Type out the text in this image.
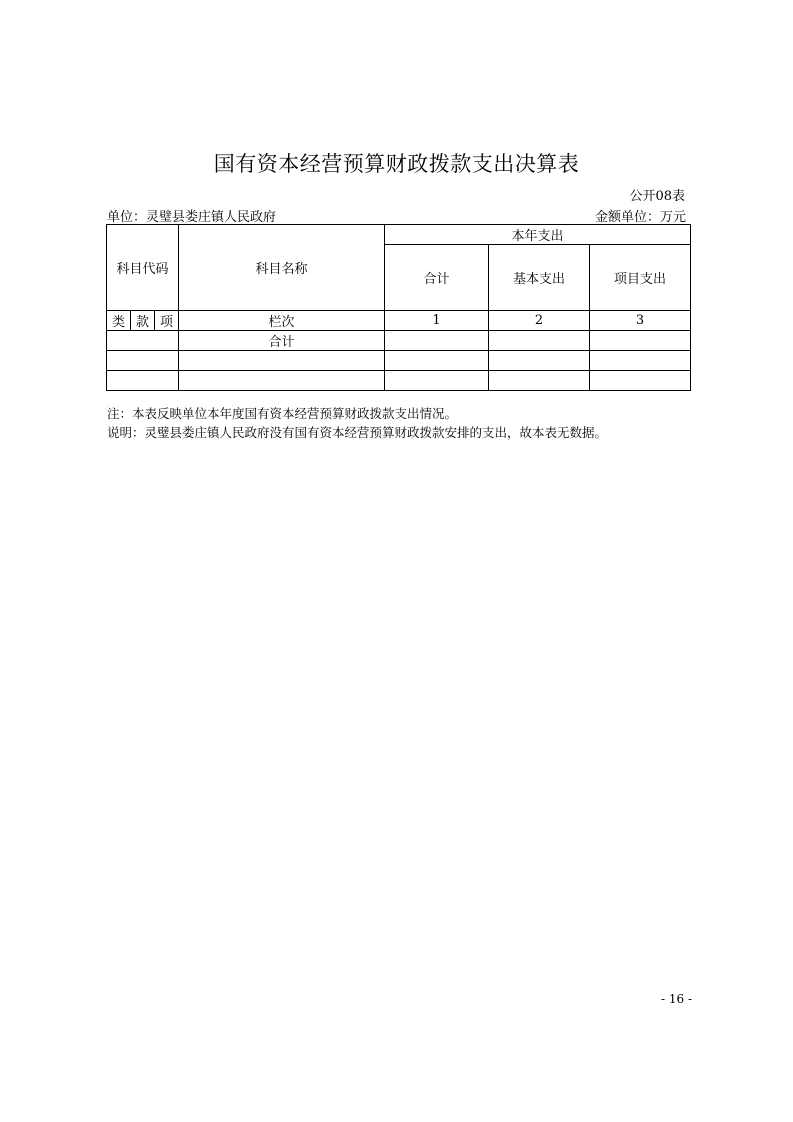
国有资本经营预算财政拨款支出决算表
公开08表
单位：灵璧县娄庄镇人民政府	金额单位：万元
科目代码			科目名称	本年支出		
				合计	基本支出	项目支出
类	款	项	栏次	1	2	3
			合计			

注：本表反映单位本年度国有资本经营预算财政拨款支出情况。
说明：灵璧县娄庄镇人民政府没有国有资本经营预算财政拨款安排的支出，故本表无数据。
- 16 -
